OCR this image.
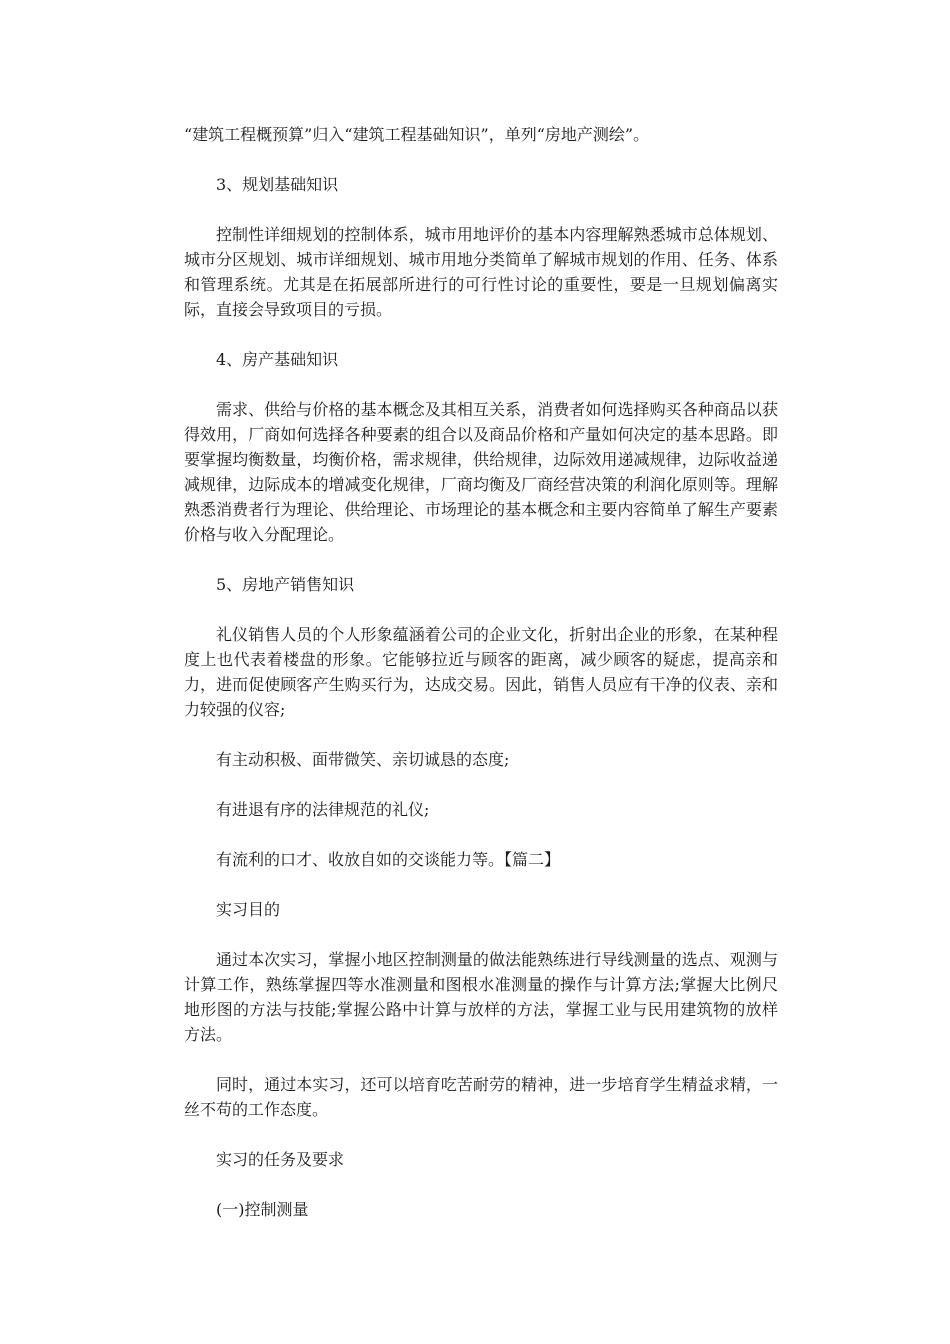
“建筑工程概预算”归入“建筑工程基础知识”，单列“房地产测绘”。

3、规划基础知识

控制性详细规划的控制体系，城市用地评价的基本内容理解熟悉城市总体规划、城市分区规划、城市详细规划、城市用地分类简单了解城市规划的作用、任务、体系和管理系统。尤其是在拓展部所进行的可行性讨论的重要性，要是一旦规划偏离实际，直接会导致项目的亏损。

4、房产基础知识

需求、供给与价格的基本概念及其相互关系，消费者如何选择购买各种商品以获得效用，厂商如何选择各种要素的组合以及商品价格和产量如何决定的基本思路。即要掌握均衡数量，均衡价格，需求规律，供给规律，边际效用递减规律，边际收益递减规律，边际成本的增减变化规律，厂商均衡及厂商经营决策的利润化原则等。理解熟悉消费者行为理论、供给理论、市场理论的基本概念和主要内容简单了解生产要素价格与收入分配理论。

5、房地产销售知识

礼仪销售人员的个人形象蕴涵着公司的企业文化，折射出企业的形象，在某种程度上也代表着楼盘的形象。它能够拉近与顾客的距离，减少顾客的疑虑，提高亲和力，进而促使顾客产生购买行为，达成交易。因此，销售人员应有干净的仪表、亲和力较强的仪容;

有主动积极、面带微笑、亲切诚恳的态度;

有进退有序的法律规范的礼仪;

有流利的口才、收放自如的交谈能力等。【篇二】

实习目的

通过本次实习，掌握小地区控制测量的做法能熟练进行导线测量的选点、观测与计算工作，熟练掌握四等水准测量和图根水准测量的操作与计算方法;掌握大比例尺地形图的方法与技能;掌握公路中计算与放样的方法，掌握工业与民用建筑物的放样方法。

同时，通过本实习，还可以培育吃苦耐劳的精神，进一步培育学生精益求精，一丝不苟的工作态度。

实习的任务及要求

(一)控制测量
